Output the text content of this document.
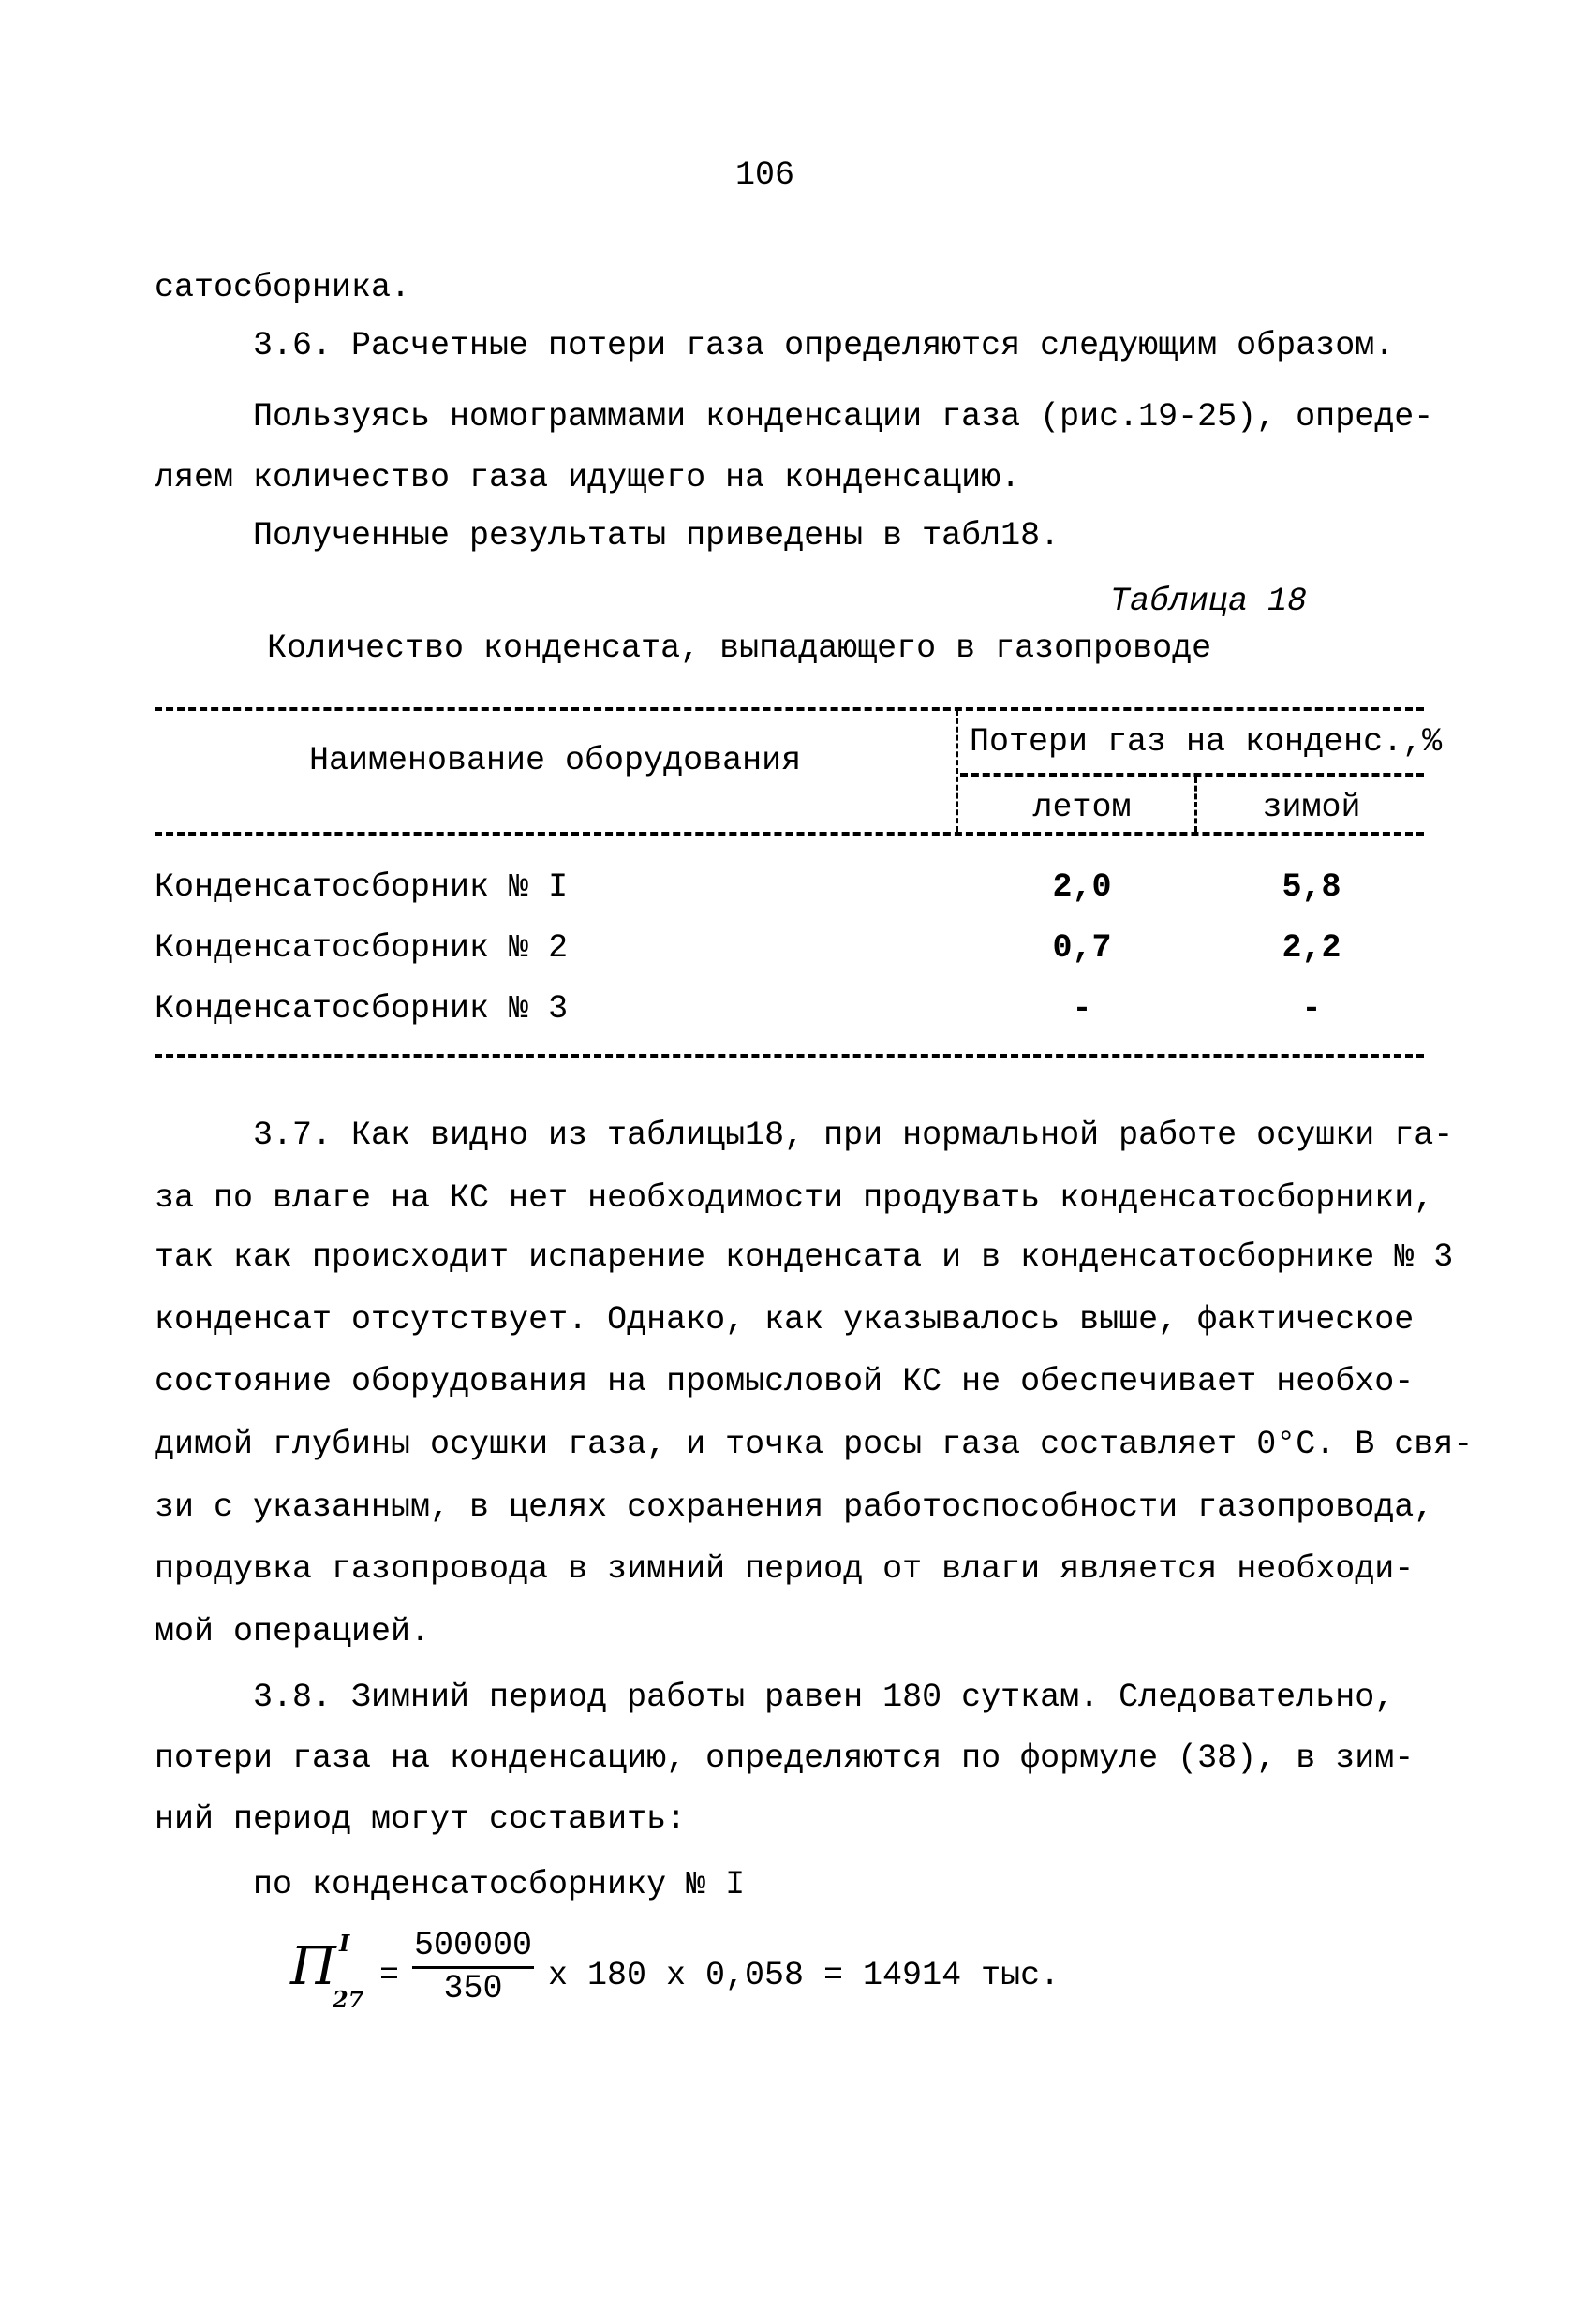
106
сатосборника.
3.6. Расчетные потери газа определяются следующим образом.
Пользуясь номограммами конденсации газа (рис.19-25), опреде-
ляем количество газа идущего на конденсацию.
Полученные результаты приведены в табл18.
Таблица 18
Количество конденсата, выпадающего в газопроводе
Наименование оборудования	Потери газ на конденс.,%
летом	зимой
Конденсатосборник № I	2,0	5,8
Конденсатосборник № 2	0,7	2,2
Конденсатосборник № 3	-	-
3.7. Как видно из таблицы18, при нормальной работе осушки га-
за по влаге на КС нет необходимости продувать конденсатосборники,
так как происходит испарение конденсата и в конденсатосборнике № 3
конденсат отсутствует. Однако, как указывалось выше, фактическое
состояние оборудования на промысловой КС не обеспечивает необхо-
димой глубины осушки газа, и точка росы газа составляет 0°С. В свя-
зи с указанным, в целях сохранения работоспособности газопровода,
продувка газопровода в зимний период от влаги является необходи-
мой операцией.
3.8. Зимний период работы равен 180 суткам. Следовательно,
потери газа на конденсацию, определяются по формуле (38), в зим-
ний период могут составить:
по конденсатосборнику № I
П I
27
=
500000
350	x 180 x 0,058 = 14914 тыс.
